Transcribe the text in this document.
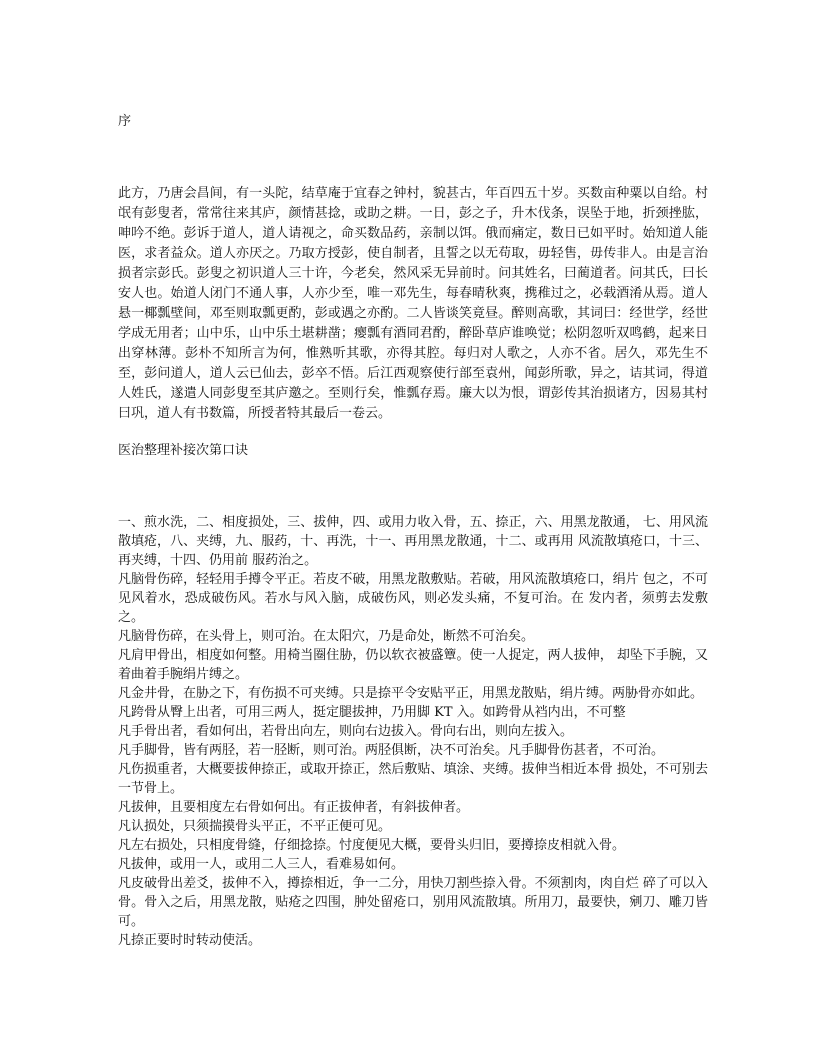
序

此方，乃唐会昌间，有一头陀，结草庵于宜春之钟村，貌甚古，年百四五十岁。买数亩种粟以自给。村氓有彭叟者，常常往来其庐，颜情甚捻，或助之耕。一日，彭之子，升木伐条，误坠于地，折颈挫肱，呻吟不绝。彭诉于道人，道人请视之，命买数品药，亲制以饵。俄而痛定，数日已如平时。始知道人能医，求者益众。道人亦厌之。乃取方授彭，使自制者，且誓之以无苟取，毋轻售，毋传非人。由是言治损者宗彭氏。彭叟之初识道人三十许，今老矣，然风采无异前时。问其姓名，曰蔺道者。问其氏，曰长安人也。始道人闭门不通人事，人亦少至，唯一邓先生，每春晴秋爽，携稚过之，必载酒淆从焉。道人悬一椰瓢壁间，邓至则取瓢更酌，彭或遇之亦酌。二人皆谈笑竟昼。醉则高歌，其词曰：经世学，经世学成无用者；山中乐，山中乐土堪耕凿；瘿瓢有酒同君酌，醉卧草庐谁唤觉；松阴忽听双鸣鹤，起来日出穿林薄。彭朴不知所言为何，惟熟听其歌，亦得其腔。每归对人歌之，人亦不省。居久，邓先生不至，彭问道人，道人云已仙去，彭卒不悟。后江西观察使行部至袁州，闻彭所歌，异之，诘其词，得道人姓氏，遂遣人同彭叟至其庐邀之。至则行矣，惟瓢存焉。廉大以为恨，谓彭传其治损诸方，因易其村曰巩，道人有书数篇，所授者特其最后一卷云。

医治整理补接次第口诀
一、煎水洗，二、相度损处，三、拔伸，四、或用力收入骨，五、捺正，六、用黑龙散通， 七、用风流散填疮，八、夹缚，九、服药，十、再洗，十一、再用黑龙散通，十二、或再用 风流散填疮口，十三、再夹缚，十四、仍用前 服药治之。
凡脑骨伤碎，轻轻用手撙令平正。若皮不破，用黑龙散敷贴。若破，用风流散填疮口，绢片 包之，不可见风着水，恐成破伤风。若水与风入脑，成破伤风，则必发头痛，不复可治。在 发内者，须剪去发敷之。
凡脑骨伤碎，在头骨上，则可治。在太阳穴，乃是命处，断然不可治矣。
凡肩甲骨出，相度如何整。用椅当圈住胁，仍以软衣被盛簟。使一人捉定，两人拔伸， 却坠下手腕，又着曲着手腕绢片缚之。
凡金井骨，在胁之下，有伤损不可夹缚。只是捺平令安贴平正，用黑龙散贴，绢片缚。两胁骨亦如此。
凡跨骨从臀上出者，可用三两人，挺定腿拔抻，乃用脚 KT 入。如跨骨从裆内出，不可整
凡手骨出者，看如何出，若骨出向左，则向右边拔入。骨向右出，则向左拔入。
凡手脚骨，皆有两胫，若一胫断，则可治。两胫俱断，决不可治矣。凡手脚骨伤甚者，不可治。
凡伤损重者，大概要拔伸捺正，或取开捺正，然后敷贴、填涂、夹缚。拔伸当相近本骨 损处，不可别去一节骨上。
凡拔伸，且要相度左右骨如何出。有正拔伸者，有斜拔伸者。
凡认损处，只须揣摸骨头平正，不平正便可见。
凡左右损处，只相度骨缝，仔细捻捺。忖度便见大概，要骨头归旧，要撙捺皮相就入骨。
凡拔伸，或用一人，或用二人三人，看难易如何。
凡皮破骨出差爻，拔伸不入，撙捺相近，争一二分，用快刀割些捺入骨。不须割肉，肉自烂 碎了可以入骨。骨入之后，用黑龙散，贴疮之四围，肿处留疮口，别用风流散填。所用刀，最要快，剜刀、雕刀皆可。
凡捺正要时时转动使活。
